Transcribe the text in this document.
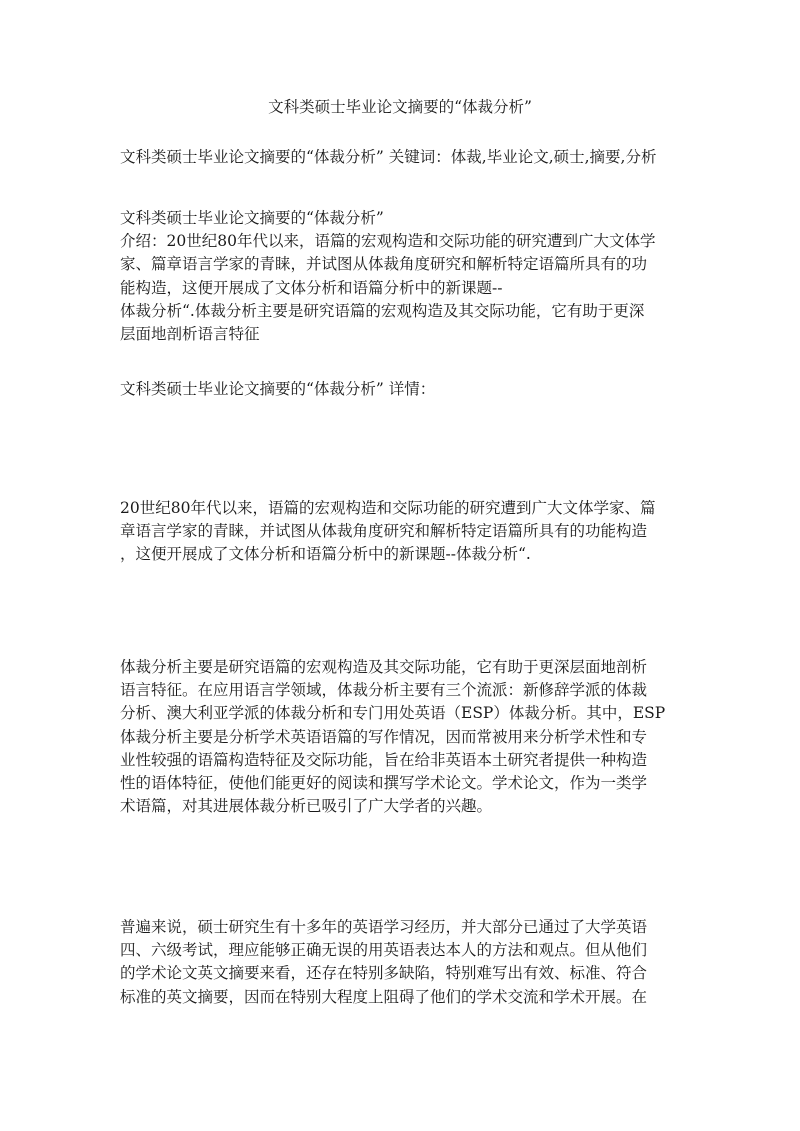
文科类硕士毕业论文摘要的“体裁分析”
文科类硕士毕业论文摘要的“体裁分析” 关键词：体裁,毕业论文,硕士,摘要,分析
文科类硕士毕业论文摘要的“体裁分析”
介绍：20世纪80年代以来，语篇的宏观构造和交际功能的研究遭到广大文体学
家、篇章语言学家的青睐，并试图从体裁角度研究和解析特定语篇所具有的功
能构造，这便开展成了文体分析和语篇分析中的新课题--
体裁分析“.体裁分析主要是研究语篇的宏观构造及其交际功能，它有助于更深
层面地剖析语言特征
文科类硕士毕业论文摘要的“体裁分析” 详情：
20世纪80年代以来，语篇的宏观构造和交际功能的研究遭到广大文体学家、篇
章语言学家的青睐，并试图从体裁角度研究和解析特定语篇所具有的功能构造
，这便开展成了文体分析和语篇分析中的新课题--体裁分析“.
体裁分析主要是研究语篇的宏观构造及其交际功能，它有助于更深层面地剖析
语言特征。在应用语言学领域，体裁分析主要有三个流派：新修辞学派的体裁
分析、澳大利亚学派的体裁分析和专门用处英语（ESP）体裁分析。其中，ESP
体裁分析主要是分析学术英语语篇的写作情况，因而常被用来分析学术性和专
业性较强的语篇构造特征及交际功能，旨在给非英语本土研究者提供一种构造
性的语体特征，使他们能更好的阅读和撰写学术论文。学术论文，作为一类学
术语篇，对其进展体裁分析已吸引了广大学者的兴趣。
普遍来说，硕士研究生有十多年的英语学习经历，并大部分已通过了大学英语
四、六级考试，理应能够正确无误的用英语表达本人的方法和观点。但从他们
的学术论文英文摘要来看，还存在特别多缺陷，特别难写出有效、标准、符合
标准的英文摘要，因而在特别大程度上阻碍了他们的学术交流和学术开展。在
